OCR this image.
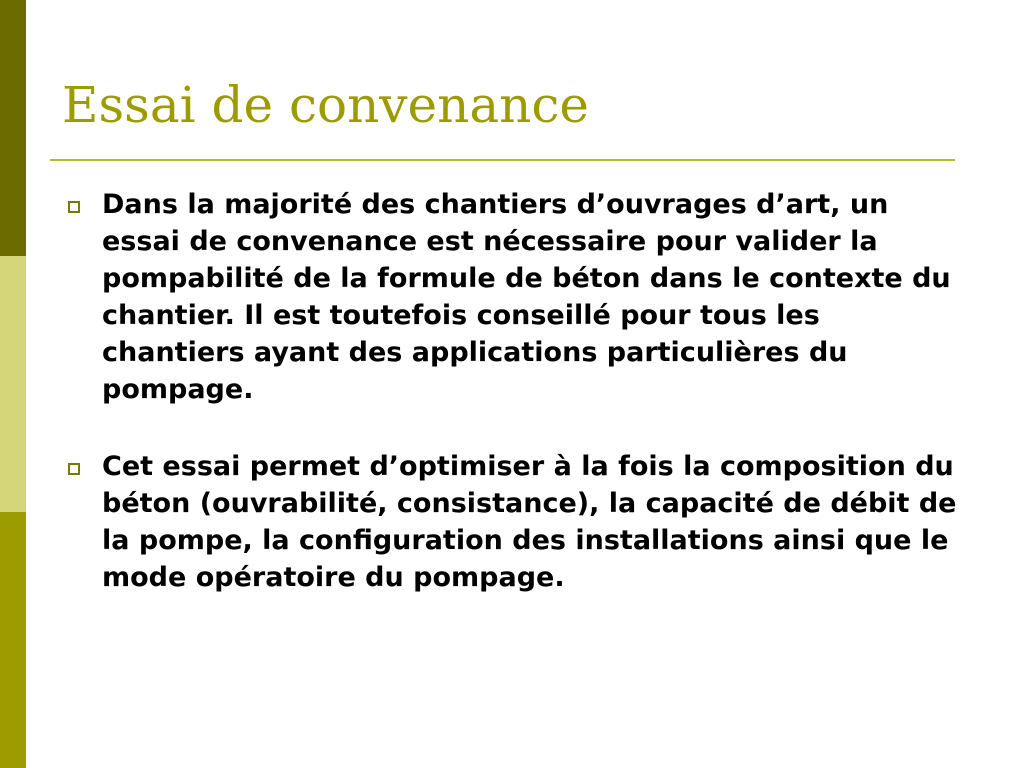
Essai de convenance
Dans la majorité des chantiers d’ouvrages d’art, un essai de convenance est nécessaire pour valider la pompabilité de la formule de béton dans le contexte du chantier. Il est toutefois conseillé pour tous les chantiers ayant des applications particulières du pompage.
Cet essai permet d’optimiser à la fois la composition du béton (ouvrabilité, consistance), la capacité de débit de la pompe, la configuration des installations ainsi que le mode opératoire du pompage.
